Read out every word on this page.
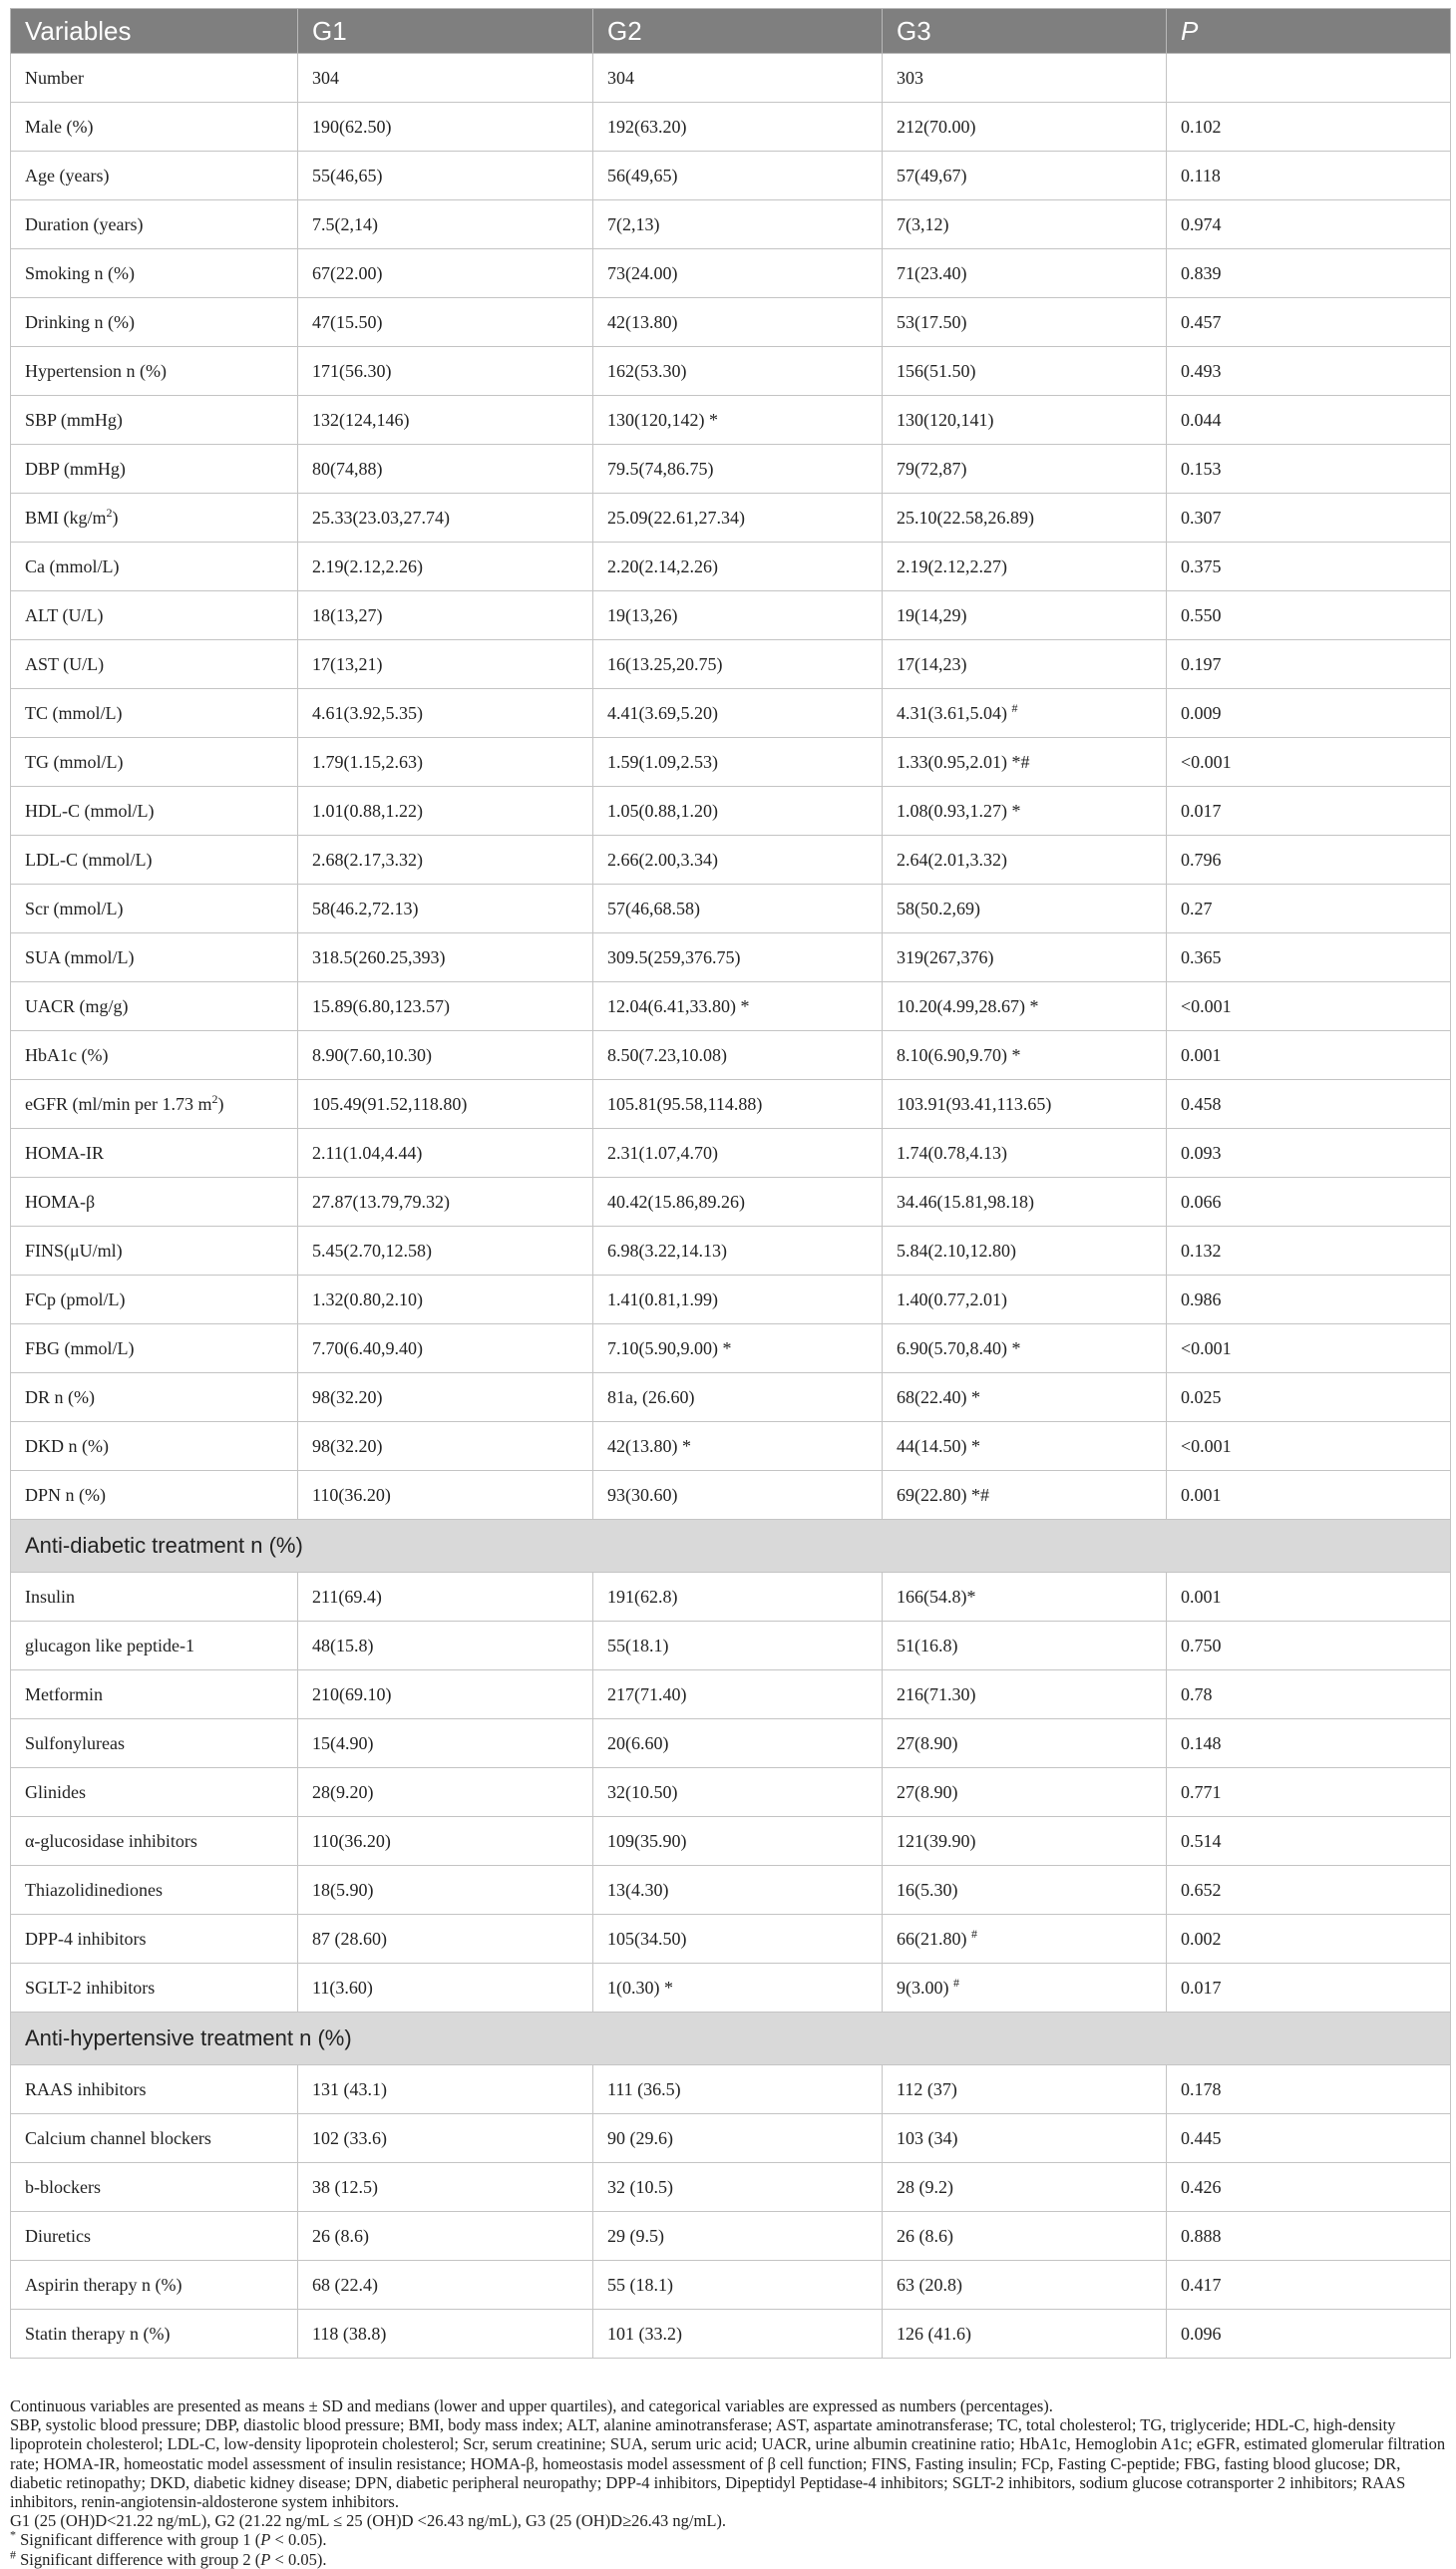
Variables	G1	G2	G3	P
Number	304	304	303	
Male (%)	190(62.50)	192(63.20)	212(70.00)	0.102
Age (years)	55(46,65)	56(49,65)	57(49,67)	0.118
Duration (years)	7.5(2,14)	7(2,13)	7(3,12)	0.974
Smoking n (%)	67(22.00)	73(24.00)	71(23.40)	0.839
Drinking n (%)	47(15.50)	42(13.80)	53(17.50)	0.457
Hypertension n (%)	171(56.30)	162(53.30)	156(51.50)	0.493
SBP (mmHg)	132(124,146)	130(120,142) *	130(120,141)	0.044
DBP (mmHg)	80(74,88)	79.5(74,86.75)	79(72,87)	0.153
BMI $(kg/m^2)$	25.33(23.03,27.74)	25.09(22.61,27.34)	25.10(22.58,26.89)	0.307
Ca (mmol/L)	2.19(2.12,2.26)	2.20(2.14,2.26)	2.19(2.12,2.27)	0.375
ALT (U/L)	18(13,27)	19(13,26)	19(14,29)	0.550
AST (U/L)	17(13,21)	16(13.25,20.75)	17(14,23)	0.197
TC (mmol/L)	4.61(3.92,5.35)	4.41(3.69,5.20)	4.31(3.61,5.04) #	0.009
TG (mmol/L)	1.79(1.15,2.63)	1.59(1.09,2.53)	1.33(0.95,2.01) *#	<0.001
HDL-C (mmol/L)	1.01(0.88,1.22)	1.05(0.88,1.20)	1.08(0.93,1.27) *	0.017
LDL-C (mmol/L)	2.68(2.17,3.32)	2.66(2.00,3.34)	2.64(2.01,3.32)	0.796
Scr (mmol/L)	58(46.2,72.13)	57(46,68.58)	58(50.2,69)	0.27
SUA (mmol/L)	318.5(260.25,393)	309.5(259,376.75)	319(267,376)	0.365
UACR (mg/g)	15.89(6.80,123.57)	12.04(6.41,33.80) *	10.20(4.99,28.67) *	<0.001
HbA1c (%)	8.90(7.60,10.30)	8.50(7.23,10.08)	8.10(6.90,9.70) *	0.001
eGFR (ml/min per 1.73 $m^2$)	105.49(91.52,118.80)	105.81(95.58,114.88)	103.91(93.41,113.65)	0.458
HOMA-IR	2.11(1.04,4.44)	2.31(1.07,4.70)	1.74(0.78,4.13)	0.093
HOMA-β	27.87(13.79,79.32)	40.42(15.86,89.26)	34.46(15.81,98.18)	0.066
FINS(μU/ml)	5.45(2.70,12.58)	6.98(3.22,14.13)	5.84(2.10,12.80)	0.132
FCp (pmol/L)	1.32(0.80,2.10)	1.41(0.81,1.99)	1.40(0.77,2.01)	0.986
FBG (mmol/L)	7.70(6.40,9.40)	7.10(5.90,9.00) *	6.90(5.70,8.40) *	<0.001
DR n (%)	98(32.20)	81a, (26.60)	68(22.40) *	0.025
DKD n (%)	98(32.20)	42(13.80) *	44(14.50) *	<0.001
DPN n (%)	110(36.20)	93(30.60)	69(22.80) *#	0.001
Anti-diabetic treatment n (%)				
Insulin	211(69.4)	191(62.8)	166(54.8)*	0.001
glucagon like peptide-1	48(15.8)	55(18.1)	51(16.8)	0.750
Metformin	210(69.10)	217(71.40)	216(71.30)	0.78
Sulfonylureas	15(4.90)	20(6.60)	27(8.90)	0.148
Glinides	28(9.20)	32(10.50)	27(8.90)	0.771
α-glucosidase inhibitors	110(36.20)	109(35.90)	121(39.90)	0.514
Thiazolidinediones	18(5.90)	13(4.30)	16(5.30)	0.652
DPP-4 inhibitors	87 (28.60)	105(34.50)	66(21.80) #	0.002
SGLT-2 inhibitors	11(3.60)	1(0.30) *	9(3.00) #	0.017
Anti-hypertensive treatment n (%)				
RAAS inhibitors	131 (43.1)	111 (36.5)	112 (37)	0.178
Calcium channel blockers	102 (33.6)	90 (29.6)	103 (34)	0.445
b-blockers	38 (12.5)	32 (10.5)	28 (9.2)	0.426
Diuretics	26 (8.6)	29 (9.5)	26 (8.6)	0.888
Aspirin therapy n (%)	68 (22.4)	55 (18.1)	63 (20.8)	0.417
Statin therapy n (%)	118 (38.8)	101 (33.2)	126 (41.6)	0.096

Continuous variables are presented as means ± SD and medians (lower and upper quartiles), and categorical variables are expressed as numbers (percentages).

SBP, systolic blood pressure; DBP, diastolic blood pressure; BMI, body mass index; ALT, alanine aminotransferase; AST, aspartate aminotransferase; TC, total cholesterol; TG, triglyceride; HDL-C, high-density lipoprotein cholesterol; LDL-C, low-density lipoprotein cholesterol; Scr, serum creatinine; SUA, serum uric acid; UACR, urine albumin creatinine ratio; HbA1c, Hemoglobin A1c; eGFR, estimated glomerular filtration rate; HOMA-IR, homeostatic model assessment of insulin resistance; HOMA-β, homeostasis model assessment of β cell function; FINS, Fasting insulin; FCp, Fasting C-peptide; FBG, fasting blood glucose; DR, diabetic retinopathy; DKD, diabetic kidney disease; DPN, diabetic peripheral neuropathy; DPP-4 inhibitors, Dipeptidyl Peptidase-4 inhibitors; SGLT-2 inhibitors, sodium glucose cotransporter 2 inhibitors; RAAS inhibitors, renin-angiotensin-aldosterone system inhibitors.

G1 (25 (OH)D<21.22 ng/mL), G2 (21.22 ng/mL ≤ 25 (OH)D <26.43 ng/mL), G3 (25 (OH)D≥26.43 ng/mL).

* Significant difference with group 1 (P < 0.05).

# Significant difference with group 2 (P < 0.05).
